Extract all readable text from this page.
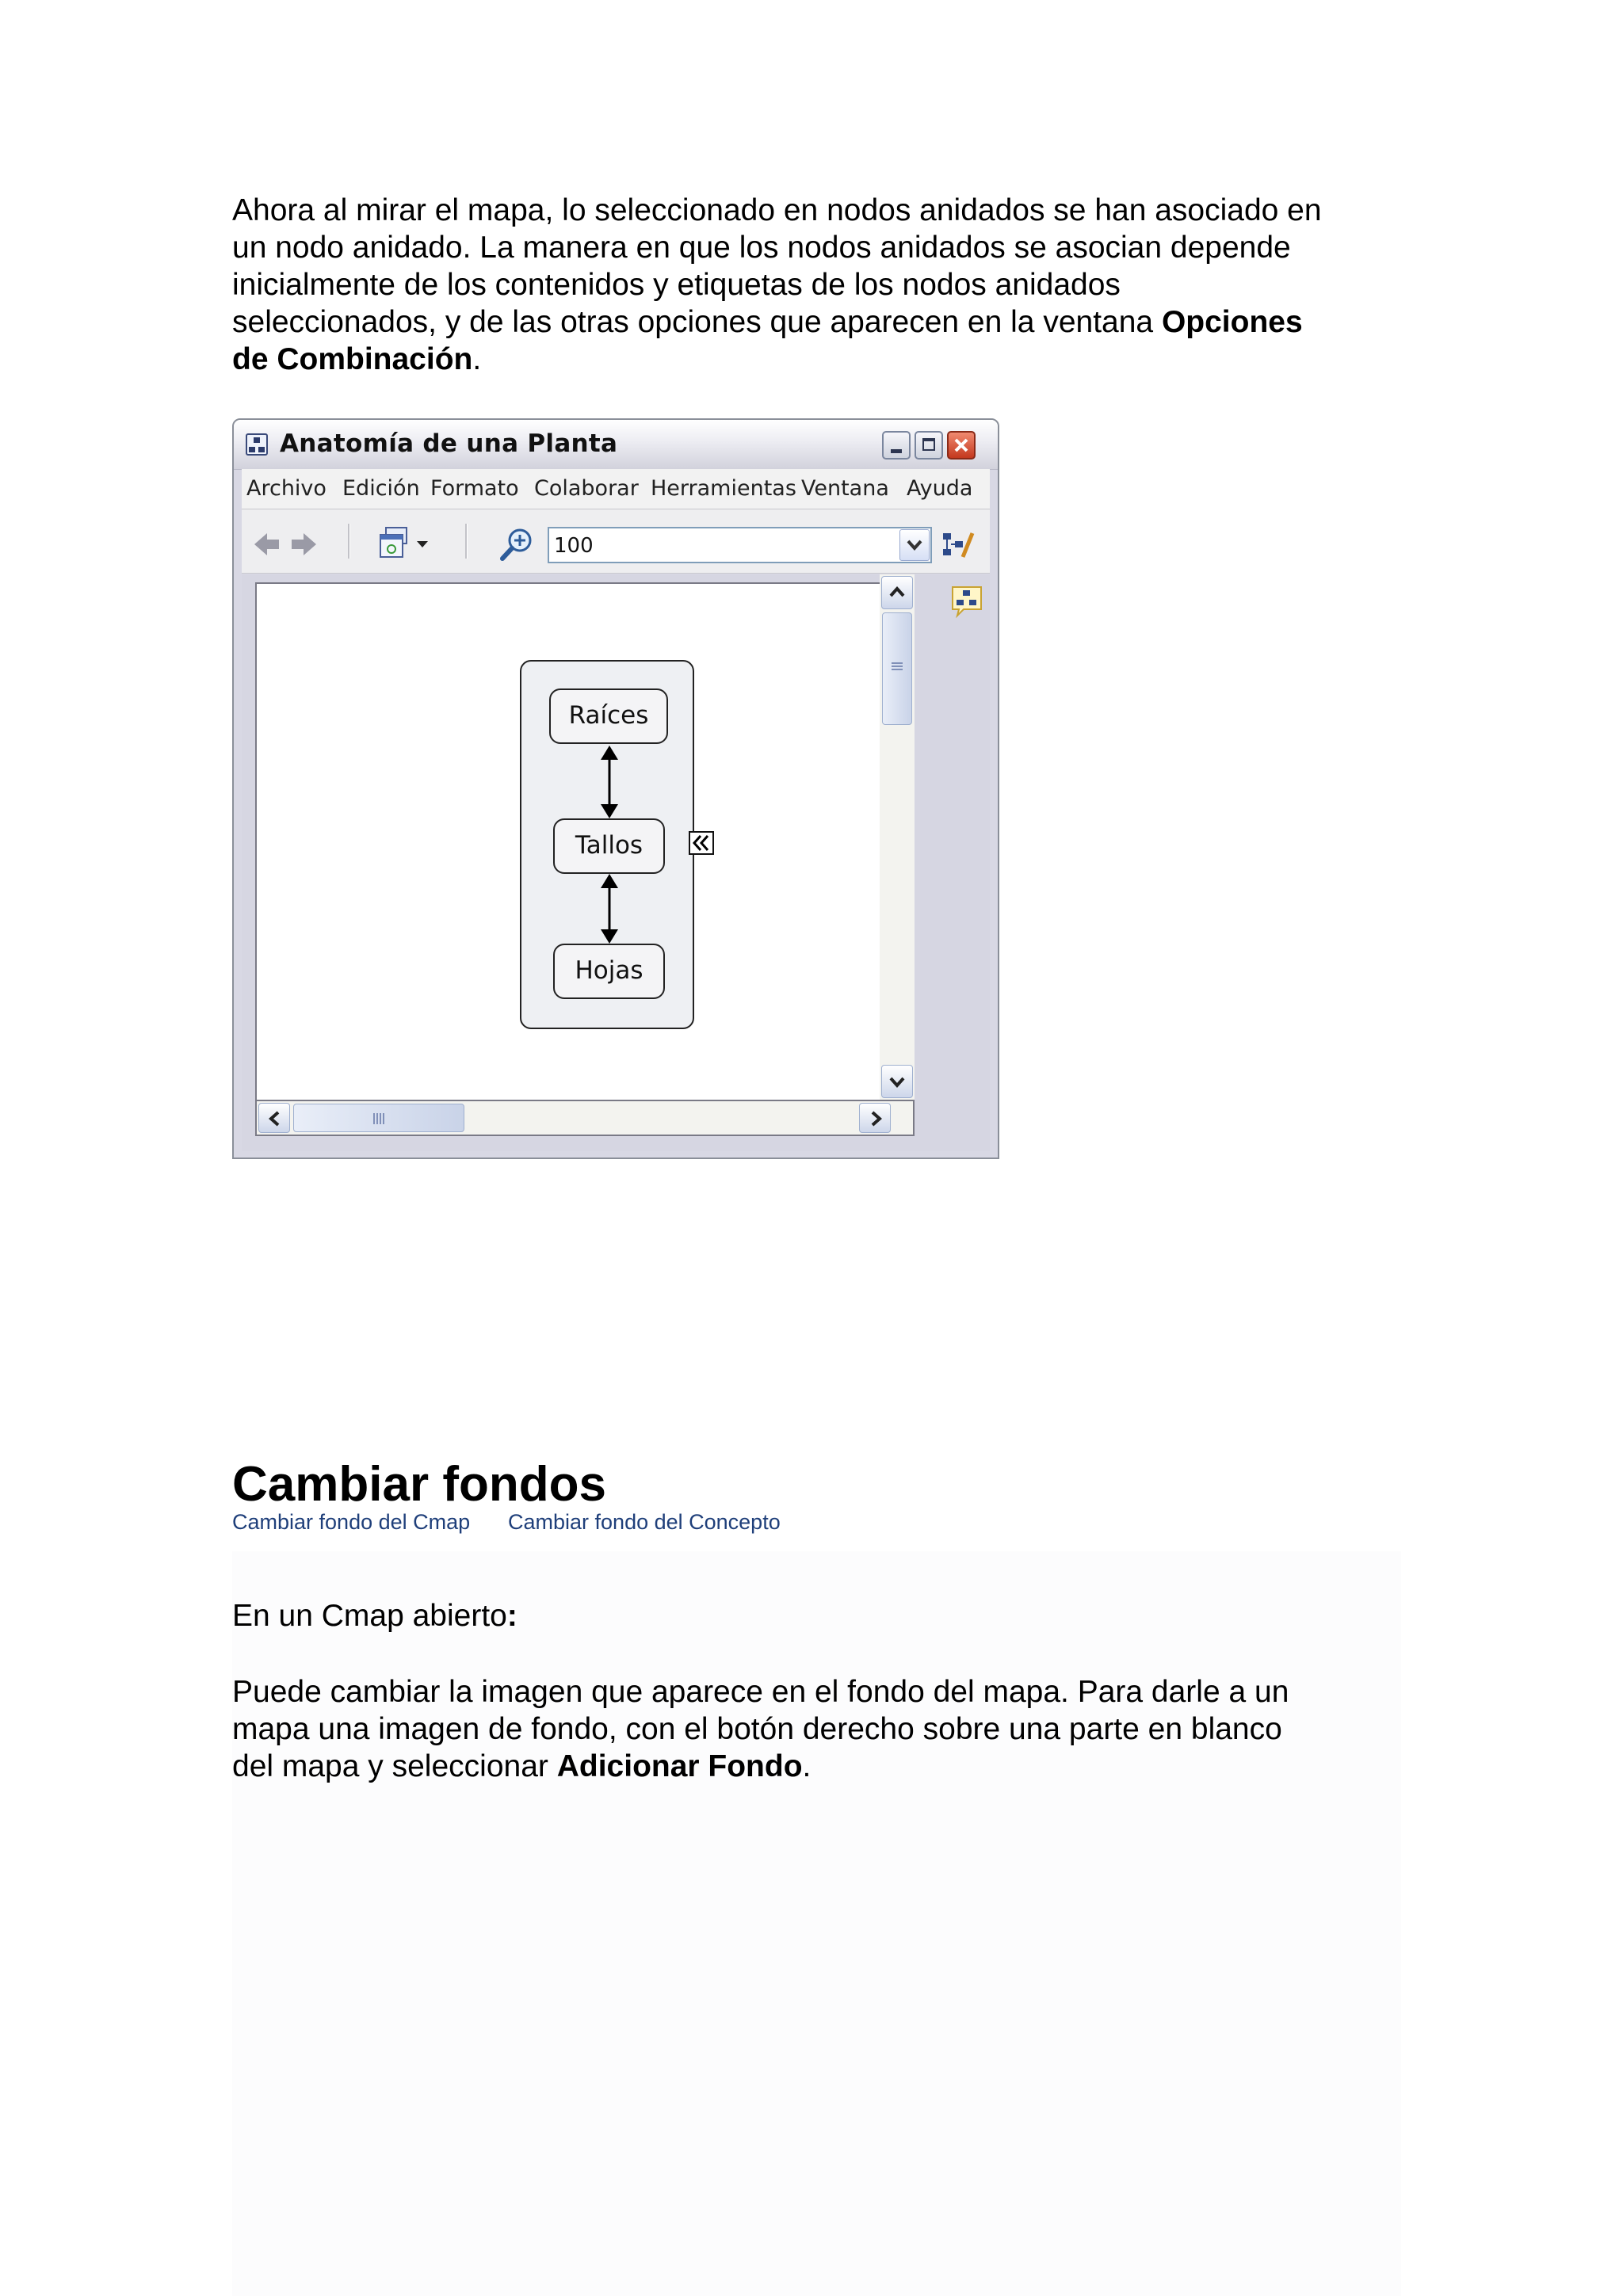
Ahora al mirar el mapa, lo seleccionado en nodos anidados se han asociado en
un nodo anidado. La manera en que los nodos anidados se asocian depende
inicialmente de los contenidos y etiquetas de los nodos anidados
seleccionados, y de las otras opciones que aparecen en la ventana Opciones
de Combinación.

Anatomía de una Planta
Archivo Edición Formato Colaborar Herramientas Ventana Ayuda
100
Raíces
Tallos
Hojas
Cambiar fondos
Cambiar fondo del Cmap Cambiar fondo del Concepto

En un Cmap abierto:

Puede cambiar la imagen que aparece en el fondo del mapa. Para darle a un
mapa una imagen de fondo, con el botón derecho sobre una parte en blanco
del mapa y seleccionar Adicionar Fondo.
